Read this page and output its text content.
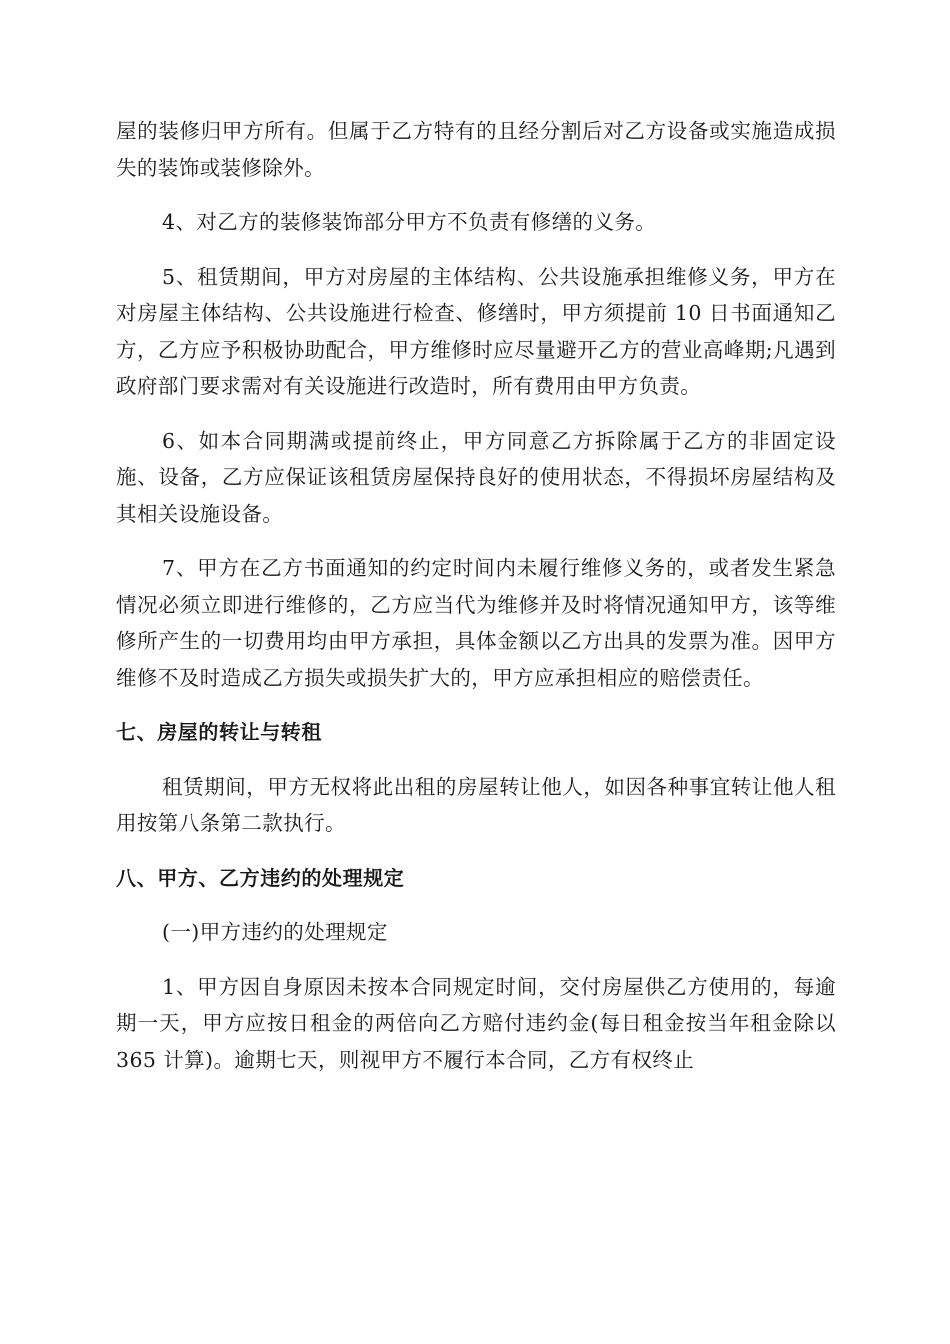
屋的装修归甲方所有。但属于乙方特有的且经分割后对乙方设备或实施造成损失的装饰或装修除外。

4、对乙方的装修装饰部分甲方不负责有修缮的义务。

5、租赁期间，甲方对房屋的主体结构、公共设施承担维修义务，甲方在对房屋主体结构、公共设施进行检查、修缮时，甲方须提前 10 日书面通知乙方，乙方应予积极协助配合，甲方维修时应尽量避开乙方的营业高峰期;凡遇到政府部门要求需对有关设施进行改造时，所有费用由甲方负责。

6、如本合同期满或提前终止，甲方同意乙方拆除属于乙方的非固定设施、设备，乙方应保证该租赁房屋保持良好的使用状态，不得损坏房屋结构及其相关设施设备。

7、甲方在乙方书面通知的约定时间内未履行维修义务的，或者发生紧急情况必须立即进行维修的，乙方应当代为维修并及时将情况通知甲方，该等维修所产生的一切费用均由甲方承担，具体金额以乙方出具的发票为准。因甲方维修不及时造成乙方损失或损失扩大的，甲方应承担相应的赔偿责任。

七、房屋的转让与转租

租赁期间，甲方无权将此出租的房屋转让他人，如因各种事宜转让他人租用按第八条第二款执行。

八、甲方、乙方违约的处理规定

(一)甲方违约的处理规定

1、甲方因自身原因未按本合同规定时间，交付房屋供乙方使用的，每逾期一天，甲方应按日租金的两倍向乙方赔付违约金(每日租金按当年租金除以 365 计算)。逾期七天，则视甲方不履行本合同，乙方有权终止
